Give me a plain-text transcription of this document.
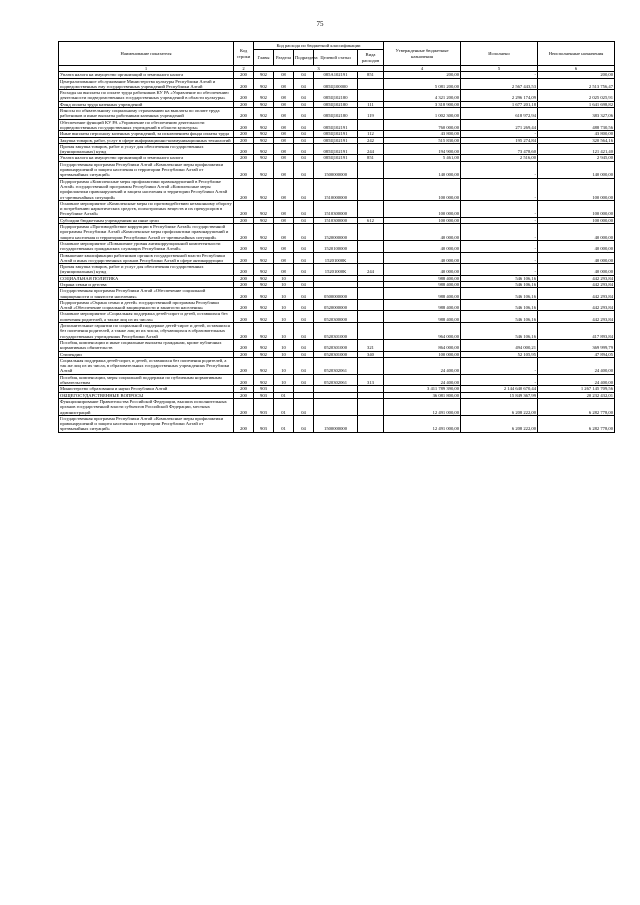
75
Наименование показателя	Код строки	Код расхода по бюджетной классификации					Утвержденные бюджетные назначения	Исполнено	Неисполненные назначения
		Главы	Раздела	Подраздела	Целевой статьи	Вида расходов			
1	2	3					4	5	6
Уплата налога на имущество организаций и земельного налога	200	902	08	04	085А102191	851	200,00	-	200,00
Централизованное обслуживание Министерства культуры Республики Алтай и подведомственных ему государственных учреждений Республики Алтай	200	902	08	04	085Ц100000		5 081 200,00	2 567 443,53	2 513 756,47
Расходы на выплаты по оплате труда работников КУ РА «Управление по обеспечению деятельности подведомственных государственных учреждений в области культуры»	200	902	08	04	085Ц102180		4 321 200,00	2 296 174,09	2 025 025,91
Фонд оплаты труда казенных учреждений	200	902	08	04	085Ц102180	111	3 318 900,00	1 677 201,18	1 641 698,82
Взносы по обязательному социальному страхованию на выплаты по оплате труда работников и иные выплаты работникам казенных учреждений	200	902	08	04	085Ц102180	119	1 002 300,00	618 972,94	383 327,06
Обеспечение функций КУ РА «Управление по обеспечению деятельности подведомственных государственных учреждений в области культуры»	200	902	08	04	085Ц102191		760 000,00	271 269,44	488 730,56
Иные выплаты персоналу казенных учреждений, за исключением фонда оплаты труда	200	902	08	04	085Ц102191	112	43 800,00	-	43 800,00
Закупка товаров, работ, услуг в сфере информационно-коммуникационных технологий	200	902	08	04	085Ц102191	242	515 830,00	195 274,84	320 564,16
Прочая закупка товаров, работ и услуг для обеспечения государственных (муниципальных) нужд	200	902	08	04	085Ц102191	244	194 900,00	73 478,60	121 421,40
Уплата налога на имущество организаций и земельного налога	200	902	08	04	085Ц102191	851	5 461,00	2 516,00	2 945,00
Государственная программа Республики Алтай «Комплексные меры профилактики правонарушений и защита населения и территории Республики Алтай от чрезвычайных ситуаций»	200	902	08	04	1500000000		140 000,00	-	140 000,00
Подпрограмма «Комплексные меры профилактики правонарушений в Республике Алтай» государственной программы Республики Алтай «Комплексные меры профилактики правонарушений и защита населения и территории Республики Алтай от чрезвычайных ситуаций»	200	902	08	04	1510000000		100 000,00	-	100 000,00
Основное мероприятие «Комплексные меры по противодействию незаконному обороту и потреблению наркотических средств, психотропных веществ и их прекурсоров в Республике Алтай»	200	902	08	04	1510300000		100 000,00	-	100 000,00
Субсидии бюджетным учреждениям на иные цели	200	902	08	04	1510300000	612	100 000,00	-	100 000,00
Подпрограмма «Противодействие коррупции в Республике Алтай» государственной программы Республики Алтай «Комплексные меры профилактики правонарушений и защита населения и территории Республики Алтай от чрезвычайных ситуаций»	200	902	08	04	1520000000		40 000,00	-	40 000,00
Основное мероприятие «Повышение уровня антикоррупционной компетентности государственных гражданских служащих Республики Алтай»	200	902	08	04	1520100000		40 000,00	-	40 000,00
Повышение квалификации работников органов государственной власти Республики Алтай и иных государственных органов Республики Алтай в сфере антикоррупции	200	902	08	04	15201000К		40 000,00	-	40 000,00
Прочая закупка товаров, работ и услуг для обеспечения государственных (муниципальных) нужд	200	902	08	04	15201000К	244	40 000,00	-	40 000,00
СОЦИАЛЬНАЯ ПОЛИТИКА	200	902	10				988 400,00	546 106,16	442 293,84
Охрана семьи и детства	200	902	10	04			988 400,00	546 106,16	442 293,84
Государственная программа Республики Алтай «Обеспечение социальной защищенности и занятости населения»	200	902	10	04	0500000000		988 400,00	546 106,16	442 293,84
Подпрограмма «Охрана семьи и детей» государственной программы Республики Алтай «Обеспечение социальной защищенности и занятости населения»	200	902	10	04	0520000000		988 400,00	546 106,16	442 293,84
Основное мероприятие «Социальная поддержка детей-сирот и детей, оставшихся без попечения родителей, а также лиц из их числа»	200	902	10	04	0520300000		988 400,00	546 106,16	442 293,84
Дополнительные гарантии по социальной поддержке детей-сирот и детей, оставшихся без попечения родителей, а также лиц из их числа, обучающихся в образовательных государственных учреждениях Республики Алтай	200	902	10	04	0520301000		964 000,00	546 106,16	417 893,84
Пособия, компенсации и иные социальные выплаты гражданам, кроме публичных нормативных обязательств	200	902	10	04	0520301000	321	864 000,00	494 000,21	369 999,79
Стипендии	200	902	10	04	0520301000	340	100 000,00	52 105,95	47 894,05
Социальная поддержка детей-сирот, и детей, оставшихся без попечения родителей, а так же лиц из их числа, в образовательных государственных учреждениях Республики Алтай	200	902	10	04	0520302061		24 400,00	-	24 400,00
Пособия, компенсации, меры социальной поддержки по публичным нормативным обязательствам	200	902	10	04	0520302061	313	24 400,00	-	24 400,00
Министерство образования и науки Республики Алтай	200	903					3 411 789 390,00	2 144 640 670,44	1 267 145 709,56
ОБЩЕГОСУДАРСТВЕННЫЕ ВОПРОСЫ	200	903	01				36 081 800,00	15 849 367,99	20 232 432,01
Функционирование Правительства Российской Федерации, высших исполнительных органов государственной власти субъектов Российской Федерации, местных администраций	200	903	01	04			12 491 000,00	6 208 222,00	6 282 778,00
Государственная программа Республики Алтай «Комплексные меры профилактики правонарушений и защита населения и территории Республики Алтай от чрезвычайных ситуаций»	200	903	01	04	1500000000		12 491 000,00	6 208 222,00	6 282 778,00
